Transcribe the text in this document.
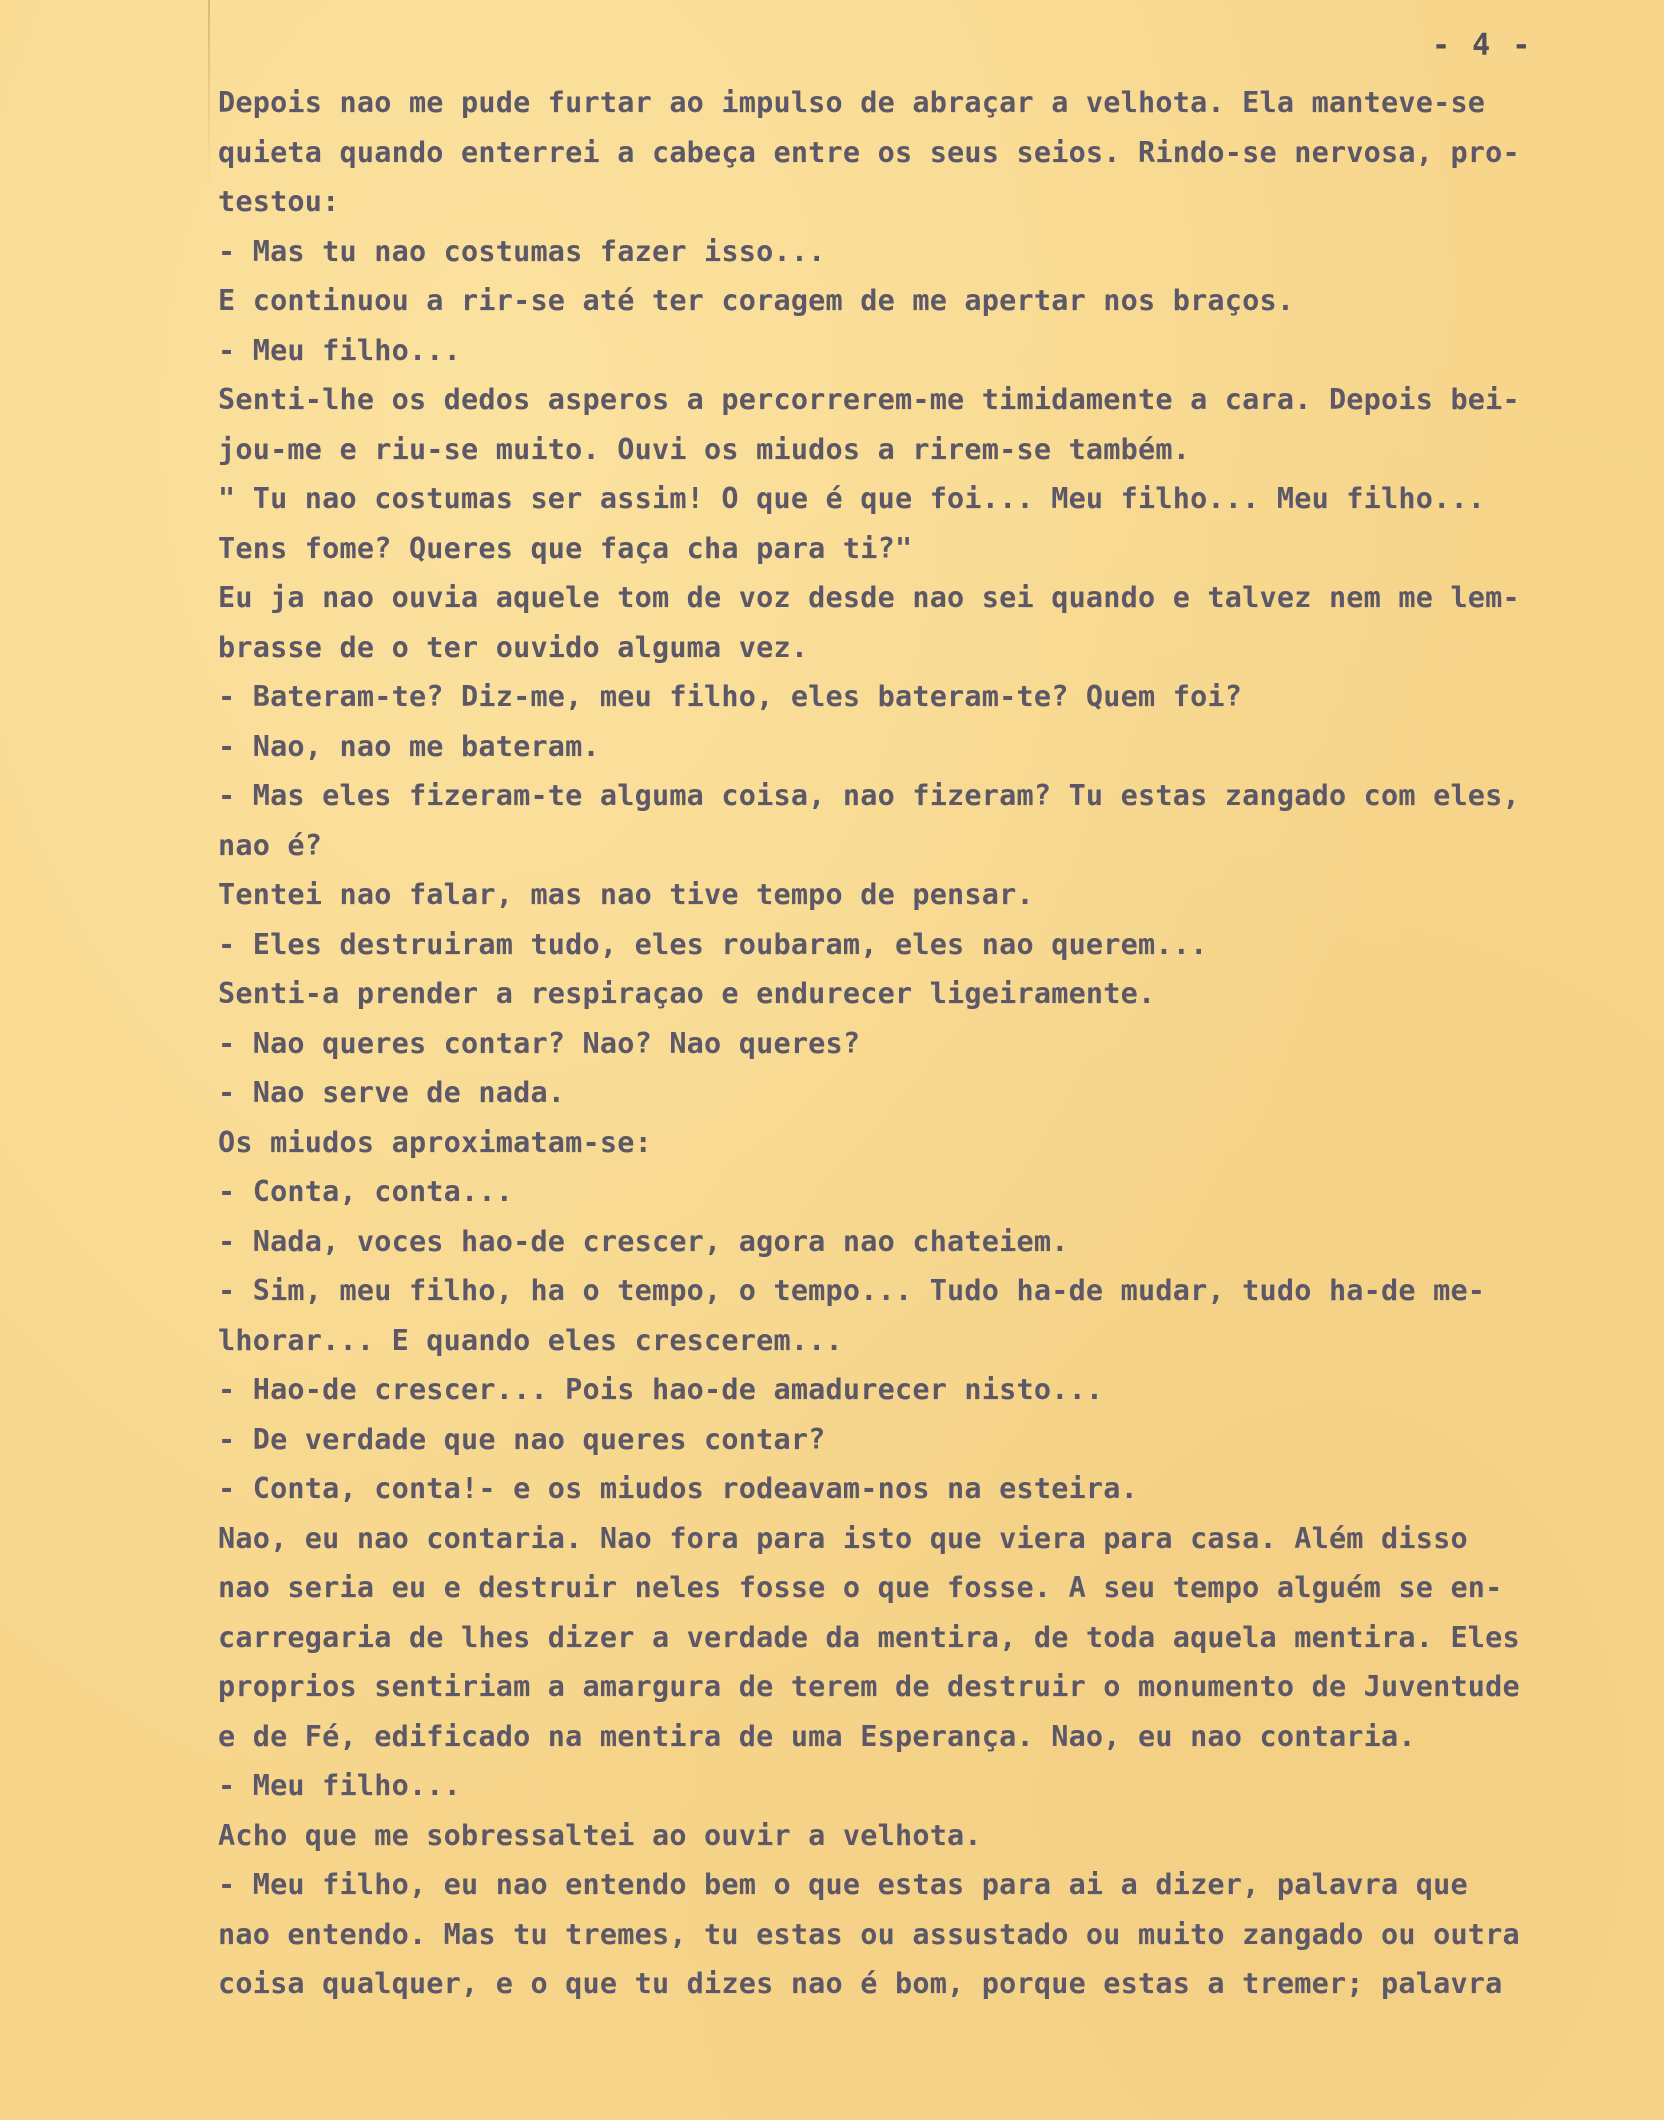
- 4 -

Depois nao me pude furtar ao impulso de abraçar a velhota. Ela manteve-se

quieta quando enterrei a cabeça entre os seus seios. Rindo-se nervosa, pro-

testou:

- Mas tu nao costumas fazer isso...

E continuou a rir-se até ter coragem de me apertar nos braços.

- Meu filho...

Senti-lhe os dedos asperos a percorrerem-me timidamente a cara. Depois bei-

jou-me e riu-se muito. Ouvi os miudos a rirem-se também.

" Tu nao costumas ser assim! O que é que foi... Meu filho... Meu filho...

Tens fome? Queres que faça cha para ti?"

Eu ja nao ouvia aquele tom de voz desde nao sei quando e talvez nem me lem-

brasse de o ter ouvido alguma vez.

- Bateram-te? Diz-me, meu filho, eles bateram-te? Quem foi?

- Nao, nao me bateram.

- Mas eles fizeram-te alguma coisa, nao fizeram? Tu estas zangado com eles,

nao é?

Tentei nao falar, mas nao tive tempo de pensar.

- Eles destruiram tudo, eles roubaram, eles nao querem...

Senti-a prender a respiraçao e endurecer ligeiramente.

- Nao queres contar? Nao? Nao queres?

- Nao serve de nada.

Os miudos aproximatam-se:

- Conta, conta...

- Nada, voces hao-de crescer, agora nao chateiem.

- Sim, meu filho, ha o tempo, o tempo... Tudo ha-de mudar, tudo ha-de me-

lhorar... E quando eles crescerem...

- Hao-de crescer... Pois hao-de amadurecer nisto...

- De verdade que nao queres contar?

- Conta, conta!- e os miudos rodeavam-nos na esteira.

Nao, eu nao contaria. Nao fora para isto que viera para casa. Além disso

nao seria eu e destruir neles fosse o que fosse. A seu tempo alguém se en-

carregaria de lhes dizer a verdade da mentira, de toda aquela mentira. Eles

proprios sentiriam a amargura de terem de destruir o monumento de Juventude

e de Fé, edificado na mentira de uma Esperança. Nao, eu nao contaria.

- Meu filho...

Acho que me sobressaltei ao ouvir a velhota.

- Meu filho, eu nao entendo bem o que estas para ai a dizer, palavra que

nao entendo. Mas tu tremes, tu estas ou assustado ou muito zangado ou outra

coisa qualquer, e o que tu dizes nao é bom, porque estas a tremer; palavra
